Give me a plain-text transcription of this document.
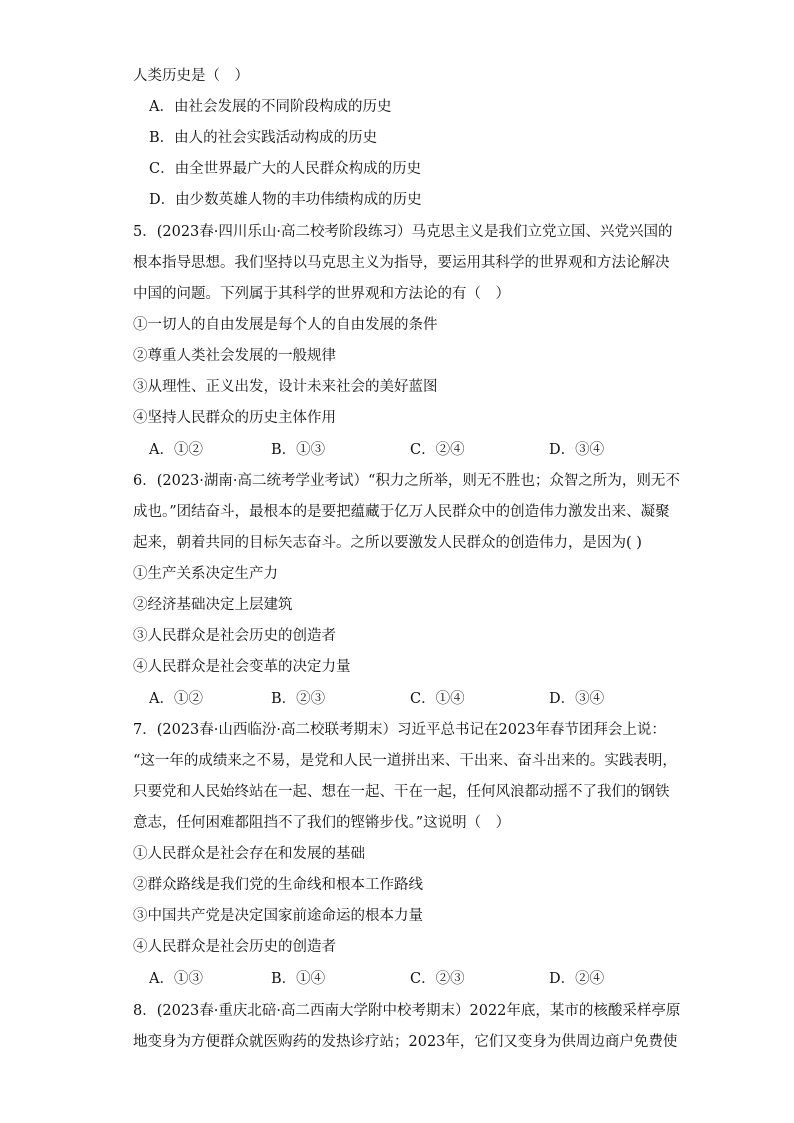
人类历史是（　）
A．由社会发展的不同阶段构成的历史
B．由人的社会实践活动构成的历史
C．由全世界最广大的人民群众构成的历史
D．由少数英雄人物的丰功伟绩构成的历史
5．(2023春·四川乐山·高二校考阶段练习）马克思主义是我们立党立国、兴党兴国的
根本指导思想。我们坚持以马克思主义为指导，要运用其科学的世界观和方法论解决
中国的问题。下列属于其科学的世界观和方法论的有（　）
①一切人的自由发展是每个人的自由发展的条件
②尊重人类社会发展的一般规律
③从理性、正义出发，设计未来社会的美好蓝图
④坚持人民群众的历史主体作用
A．①②	B．①③	C．②④	D．③④
6．(2023·湖南·高二统考学业考试）“积力之所举，则无不胜也；众智之所为，则无不
成也。”团结奋斗，最根本的是要把蕴藏于亿万人民群众中的创造伟力激发出来、凝聚
起来，朝着共同的目标矢志奋斗。之所以要激发人民群众的创造伟力，是因为( )
①生产关系决定生产力
②经济基础决定上层建筑
③人民群众是社会历史的创造者
④人民群众是社会变革的决定力量
A．①②	B．②③	C．①④	D．③④
7．(2023春·山西临汾·高二校联考期末）习近平总书记在2023年春节团拜会上说：
“这一年的成绩来之不易，是党和人民一道拼出来、干出来、奋斗出来的。实践表明，
只要党和人民始终站在一起、想在一起、干在一起，任何风浪都动摇不了我们的钢铁
意志，任何困难都阻挡不了我们的铿锵步伐。”这说明（　）
①人民群众是社会存在和发展的基础
②群众路线是我们党的生命线和根本工作路线
③中国共产党是决定国家前途命运的根本力量
④人民群众是社会历史的创造者
A．①③	B．①④	C．②③	D．②④
8．(2023春·重庆北碚·高二西南大学附中校考期末）2022年底，某市的核酸采样亭原
地变身为方便群众就医购药的发热诊疗站；2023年，它们又变身为供周边商户免费使
